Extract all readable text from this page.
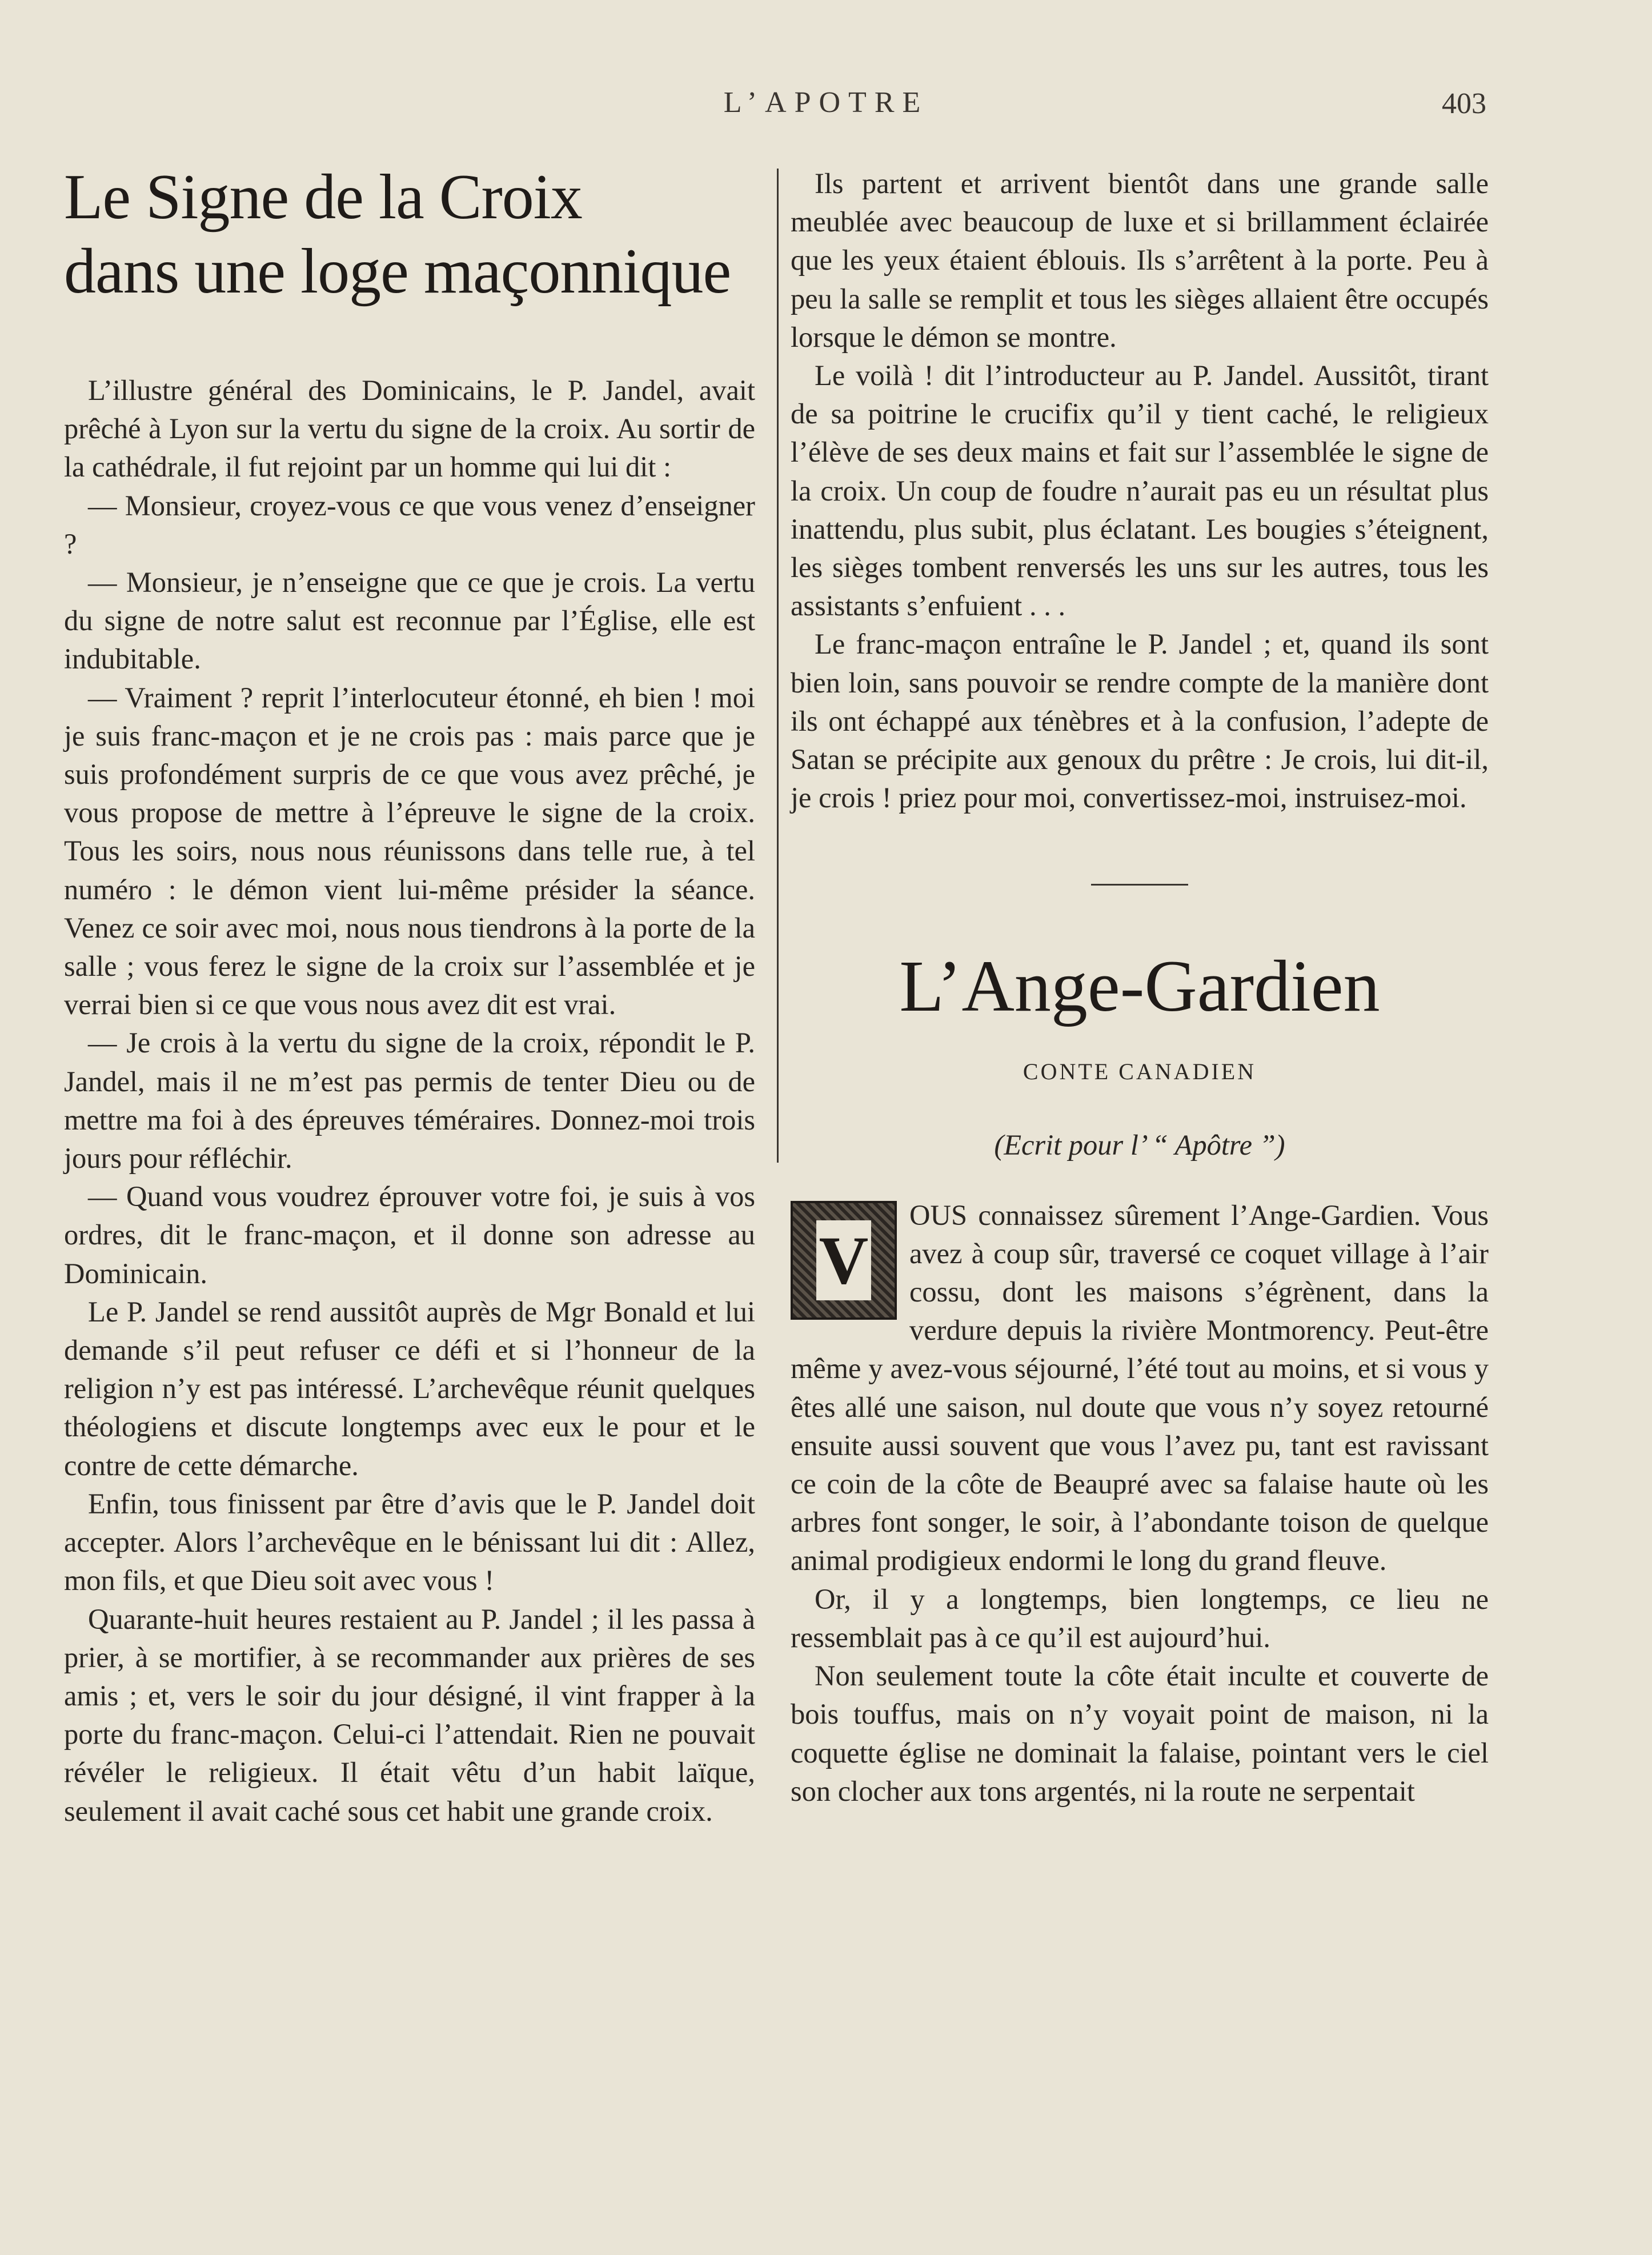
L’APOTRE	403
Le Signe de la Croix
dans une loge maçonnique

L’illustre général des Dominicains, le P. Jandel, avait prêché à Lyon sur la vertu du signe de la croix. Au sortir de la cathédrale, il fut rejoint par un homme qui lui dit :

— Monsieur, croyez-vous ce que vous venez d’enseigner ?

— Monsieur, je n’enseigne que ce que je crois. La vertu du signe de notre salut est reconnue par l’Église, elle est indubitable.

— Vraiment ? reprit l’interlocuteur étonné, eh bien ! moi je suis franc-maçon et je ne crois pas : mais parce que je suis profondément surpris de ce que vous avez prêché, je vous propose de mettre à l’épreuve le signe de la croix. Tous les soirs, nous nous réunissons dans telle rue, à tel numéro : le démon vient lui-même présider la séance. Venez ce soir avec moi, nous nous tiendrons à la porte de la salle ; vous ferez le signe de la croix sur l’assemblée et je verrai bien si ce que vous nous avez dit est vrai.

— Je crois à la vertu du signe de la croix, répondit le P. Jandel, mais il ne m’est pas permis de tenter Dieu ou de mettre ma foi à des épreuves téméraires. Donnez-moi trois jours pour réfléchir.

— Quand vous voudrez éprouver votre foi, je suis à vos ordres, dit le franc-maçon, et il donne son adresse au Dominicain.

Le P. Jandel se rend aussitôt auprès de Mgr Bonald et lui demande s’il peut refuser ce défi et si l’honneur de la religion n’y est pas intéressé. L’archevêque réunit quelques théologiens et discute longtemps avec eux le pour et le contre de cette démarche.

Enfin, tous finissent par être d’avis que le P. Jandel doit accepter. Alors l’archevêque en le bénissant lui dit : Allez, mon fils, et que Dieu soit avec vous !

Quarante-huit heures restaient au P. Jandel ; il les passa à prier, à se mortifier, à se recommander aux prières de ses amis ; et, vers le soir du jour désigné, il vint frapper à la porte du franc-maçon. Celui-ci l’attendait. Rien ne pouvait révéler le religieux. Il était vêtu d’un habit laïque, seulement il avait caché sous cet habit une grande croix.

Ils partent et arrivent bientôt dans une grande salle meublée avec beaucoup de luxe et si brillamment éclairée que les yeux étaient éblouis. Ils s’arrêtent à la porte. Peu à peu la salle se remplit et tous les sièges allaient être occupés lorsque le démon se montre.

Le voilà ! dit l’introducteur au P. Jandel. Aussitôt, tirant de sa poitrine le crucifix qu’il y tient caché, le religieux l’élève de ses deux mains et fait sur l’assemblée le signe de la croix. Un coup de foudre n’aurait pas eu un résultat plus inattendu, plus subit, plus éclatant. Les bougies s’éteignent, les sièges tombent renversés les uns sur les autres, tous les assistants s’enfuient . . .

Le franc-maçon entraîne le P. Jandel ; et, quand ils sont bien loin, sans pouvoir se rendre compte de la manière dont ils ont échappé aux ténèbres et à la confusion, l’adepte de Satan se précipite aux genoux du prêtre : Je crois, lui dit-il, je crois ! priez pour moi, convertissez-moi, instruisez-moi.

L’Ange-Gardien
CONTE CANADIEN
(Ecrit pour l’ “ Apôtre ”)

V
OUS connaissez sûrement l’Ange-Gardien. Vous avez à coup sûr, traversé ce coquet village à l’air cossu, dont les maisons s’égrènent, dans la verdure depuis la rivière Montmorency. Peut-être même y avez-vous séjourné, l’été tout au moins, et si vous y êtes allé une saison, nul doute que vous n’y soyez retourné ensuite aussi souvent que vous l’avez pu, tant est ravissant ce coin de la côte de Beaupré avec sa falaise haute où les arbres font songer, le soir, à l’abondante toison de quelque animal prodigieux endormi le long du grand fleuve.

Or, il y a longtemps, bien longtemps, ce lieu ne ressemblait pas à ce qu’il est aujourd’hui.

Non seulement toute la côte était inculte et couverte de bois touffus, mais on n’y voyait point de maison, ni la coquette église ne dominait la falaise, pointant vers le ciel son clocher aux tons argentés, ni la route ne serpentait
